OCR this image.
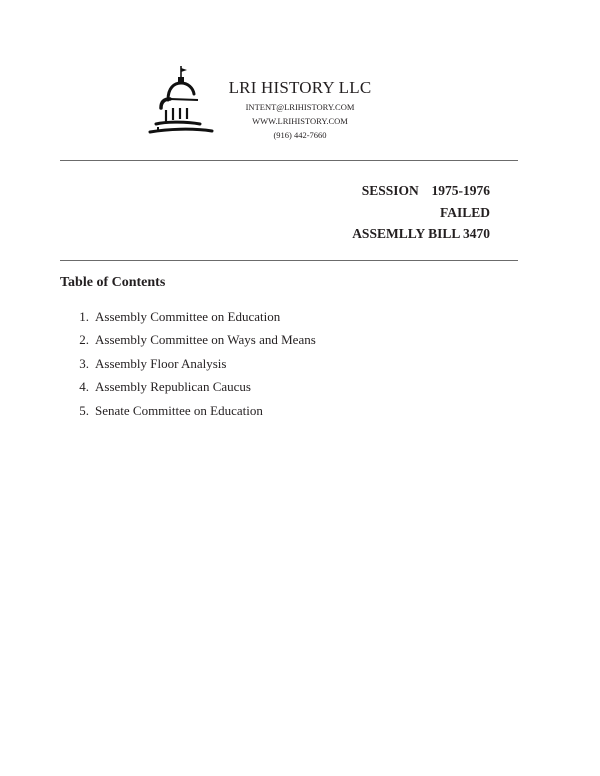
LRI HISTORY LLC
INTENT@LRIHISTORY.COM
WWW.LRIHISTORY.COM
(916) 442-7660
SESSION  1975-1976
FAILED
ASSEMLLY BILL 3470
Table of Contents
1. Assembly Committee on Education
2. Assembly Committee on Ways and Means
3. Assembly Floor Analysis
4. Assembly Republican Caucus
5. Senate Committee on Education
